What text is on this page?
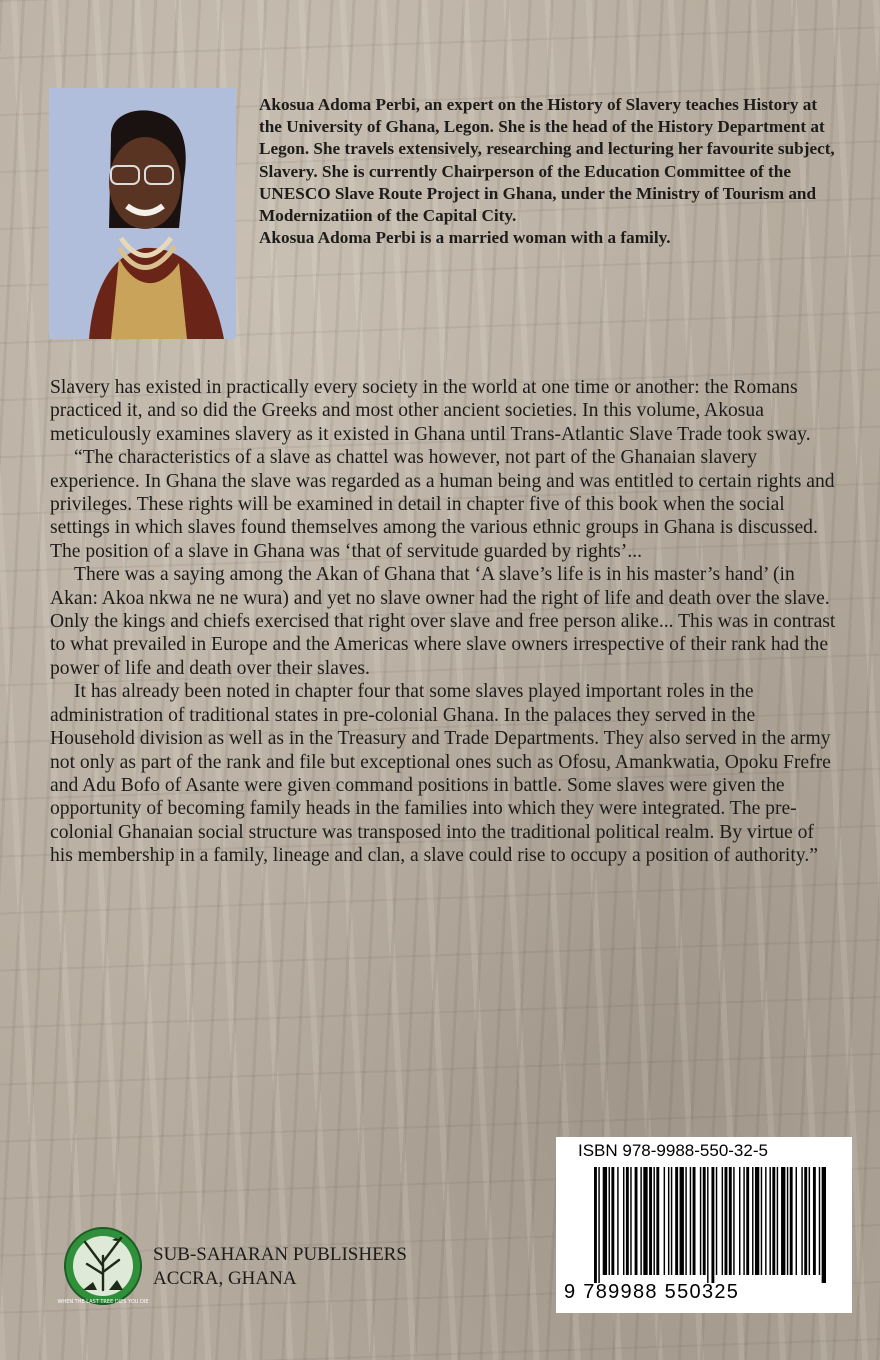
Akosua Adoma Perbi, an expert on the History of Slavery teaches History at the University of Ghana, Legon. She is the head of the History Department at Legon. She travels extensively, researching and lecturing her favourite subject, Slavery. She is currently Chairperson of the Education Committee of the UNESCO Slave Route Project in Ghana, under the Ministry of Tourism and Modernizatiion of the Capital City.

Akosua Adoma Perbi is a married woman with a family.

Slavery has existed in practically every society in the world at one time or another: the Romans practiced it, and so did the Greeks and most other ancient societies. In this volume, Akosua meticulously examines slavery as it existed in Ghana until Trans-Atlantic Slave Trade took sway.

“The characteristics of a slave as chattel was however, not part of the Ghanaian slavery experience. In Ghana the slave was regarded as a human being and was entitled to certain rights and privileges. These rights will be examined in detail in chapter five of this book when the social settings in which slaves found themselves among the various ethnic groups in Ghana is discussed. The position of a slave in Ghana was ‘that of servitude guarded by rights’...

There was a saying among the Akan of Ghana that ‘A slave’s life is in his master’s hand’ (in Akan: Akoa nkwa ne ne wura) and yet no slave owner had the right of life and death over the slave. Only the kings and chiefs exercised that right over slave and free person alike... This was in contrast to what prevailed in Europe and the Americas where slave owners irrespective of their rank had the power of life and death over their slaves.

It has already been noted in chapter four that some slaves played important roles in the administration of traditional states in pre-colonial Ghana. In the palaces they served in the Household division as well as in the Treasury and Trade Departments. They also served in the army not only as part of the rank and file but exceptional ones such as Ofosu, Amankwatia, Opoku Frefre and Adu Bofo of Asante were given command positions in battle. Some slaves were given the opportunity of becoming family heads in the families into which they were integrated. The pre-colonial Ghanaian social structure was transposed into the traditional political realm. By virtue of his membership in a family, lineage and clan, a slave could rise to occupy a position of authority.”

ISBN 978-9988-550-32-5
9 789988 550325
WHEN THE LAST TREE DIES YOU DIE
SUB-SAHARAN PUBLISHERS
ACCRA, GHANA
